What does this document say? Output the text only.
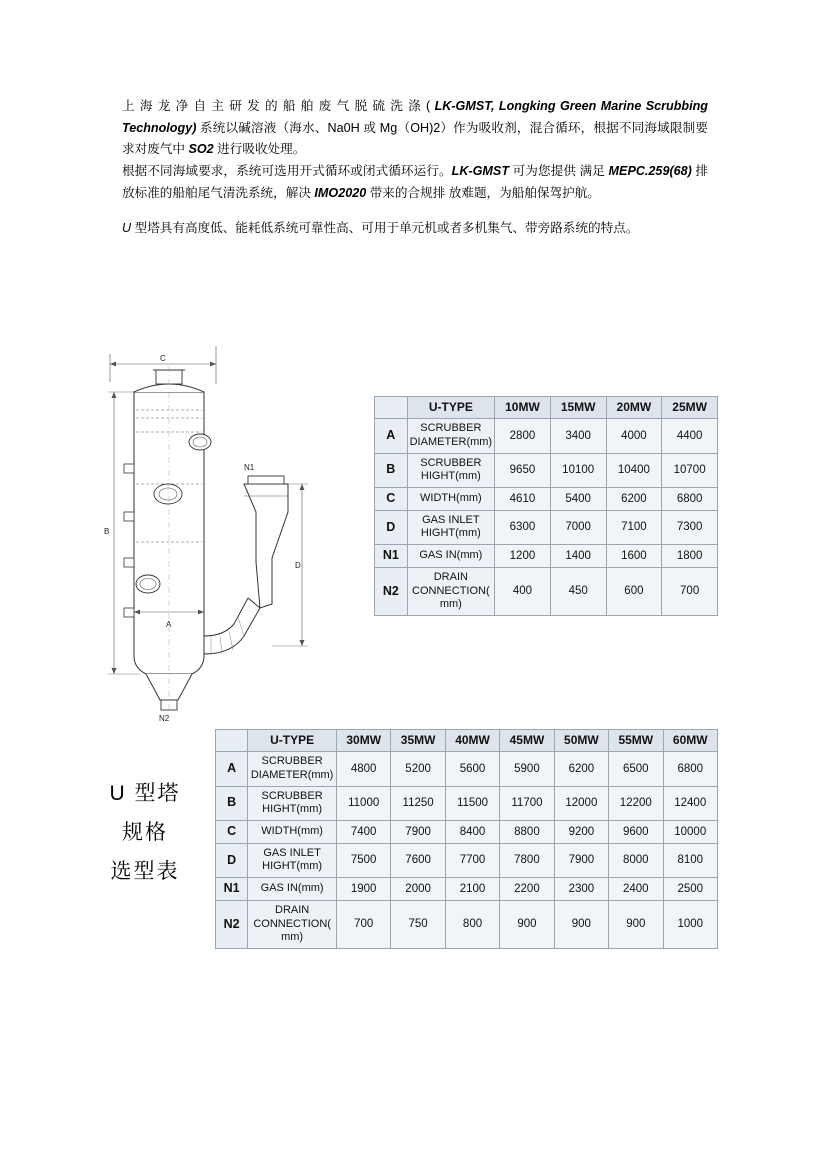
上 海 龙 净 自 主 研 发 的 船 舶 废 气 脱 硫 洗 涤 ( LK-GMST, Longking Green Marine Scrubbing Technology) 系统以碱溶液（海水、Na0H 或 Mg（OH)2）作为吸收剂，混合循环，根据不同海域限制要求对废气中 SO2 进行吸收处理。

根据不同海域要求，系统可选用开式循环或闭式循环运行。LK-GMST 可为您提供 满足 MEPC.259(68) 排放标准的船舶尾气清洗系统，解决 IMO2020 带来的合规排 放难题，为船舶保驾护航。

U 型塔具有高度低、能耗低系统可靠性高、可用于单元机或者多机集气、带旁路系统的特点。

C
B
A
D
N1
N2
U 型塔
规格
选型表
	U-TYPE	10MW	15MW	20MW	25MW
A	SCRUBBER DIAMETER(mm)	2800	3400	4000	4400
B	SCRUBBER HIGHT(mm)	9650	10100	10400	10700
C	WIDTH(mm)	4610	5400	6200	6800
D	GAS INLET HIGHT(mm)	6300	7000	7100	7300
N1	GAS IN(mm)	1200	1400	1600	1800
N2	DRAIN CONNECTION( mm)	400	450	600	700
	U-TYPE	30MW	35MW	40MW	45MW	50MW	55MW	60MW
A	SCRUBBER DIAMETER(mm)	4800	5200	5600	5900	6200	6500	6800
B	SCRUBBER HIGHT(mm)	11000	11250	11500	11700	12000	12200	12400
C	WIDTH(mm)	7400	7900	8400	8800	9200	9600	10000
D	GAS INLET HIGHT(mm)	7500	7600	7700	7800	7900	8000	8100
N1	GAS IN(mm)	1900	2000	2100	2200	2300	2400	2500
N2	DRAIN CONNECTION( mm)	700	750	800	900	900	900	1000
